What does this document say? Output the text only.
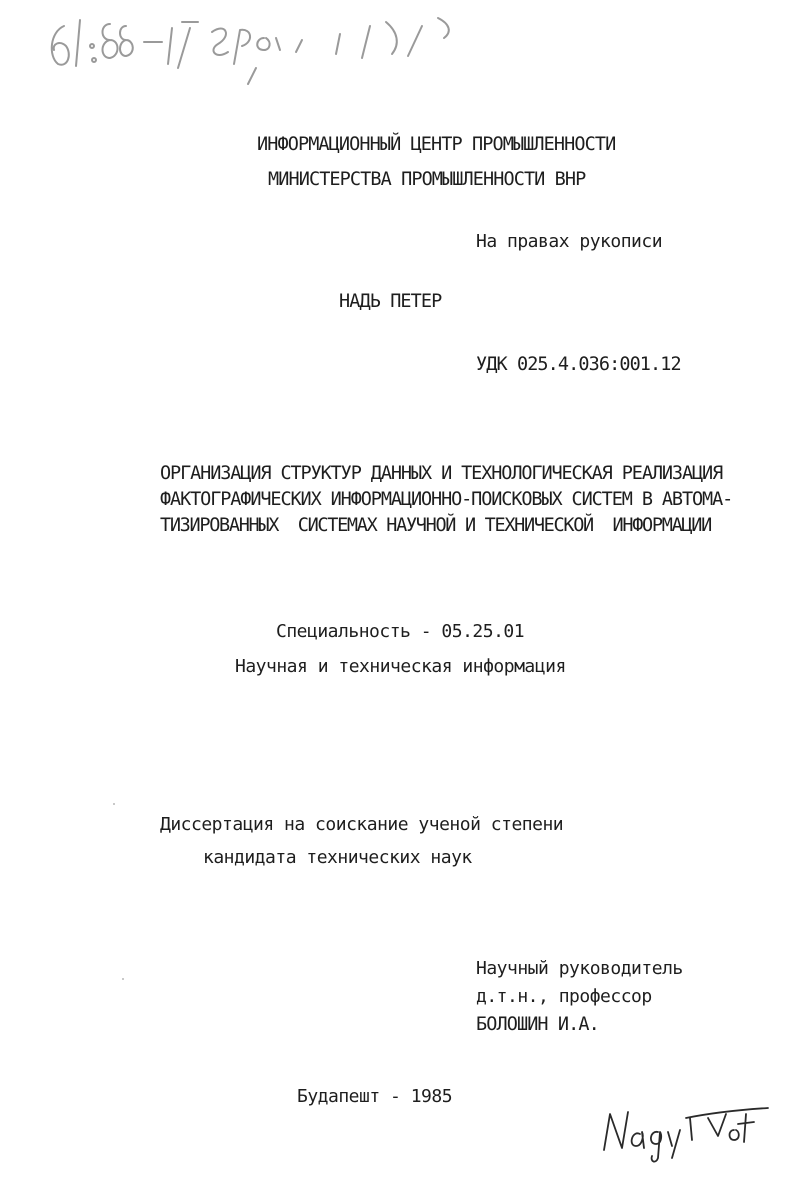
ИНФОРМАЦИОННЫЙ ЦЕНТР ПРОМЫШЛЕННОСТИ
МИНИСТЕРСТВА ПРОМЫШЛЕННОСТИ ВНР
На правах рукописи
НАДЬ ПЕТЕР
УДК 025.4.036:001.12
ОРГАНИЗАЦИЯ СТРУКТУР ДАННЫХ И ТЕХНОЛОГИЧЕСКАЯ РЕАЛИЗАЦИЯ
ФАКТОГРАФИЧЕСКИХ ИНФОРМАЦИОННО-ПОИСКОВЫХ СИСТЕМ В АВТОМА-
ТИЗИРОВАННЫХ  СИСТЕМАХ НАУЧНОЙ И ТЕХНИЧЕСКОЙ  ИНФОРМАЦИИ
Специальность - 05.25.01
Научная и техническая информация
Диссертация на соискание ученой степени
кандидата технических наук
Научный руководитель
д.т.н., профессор
БОЛОШИН И.А.
Будапешт - 1985
